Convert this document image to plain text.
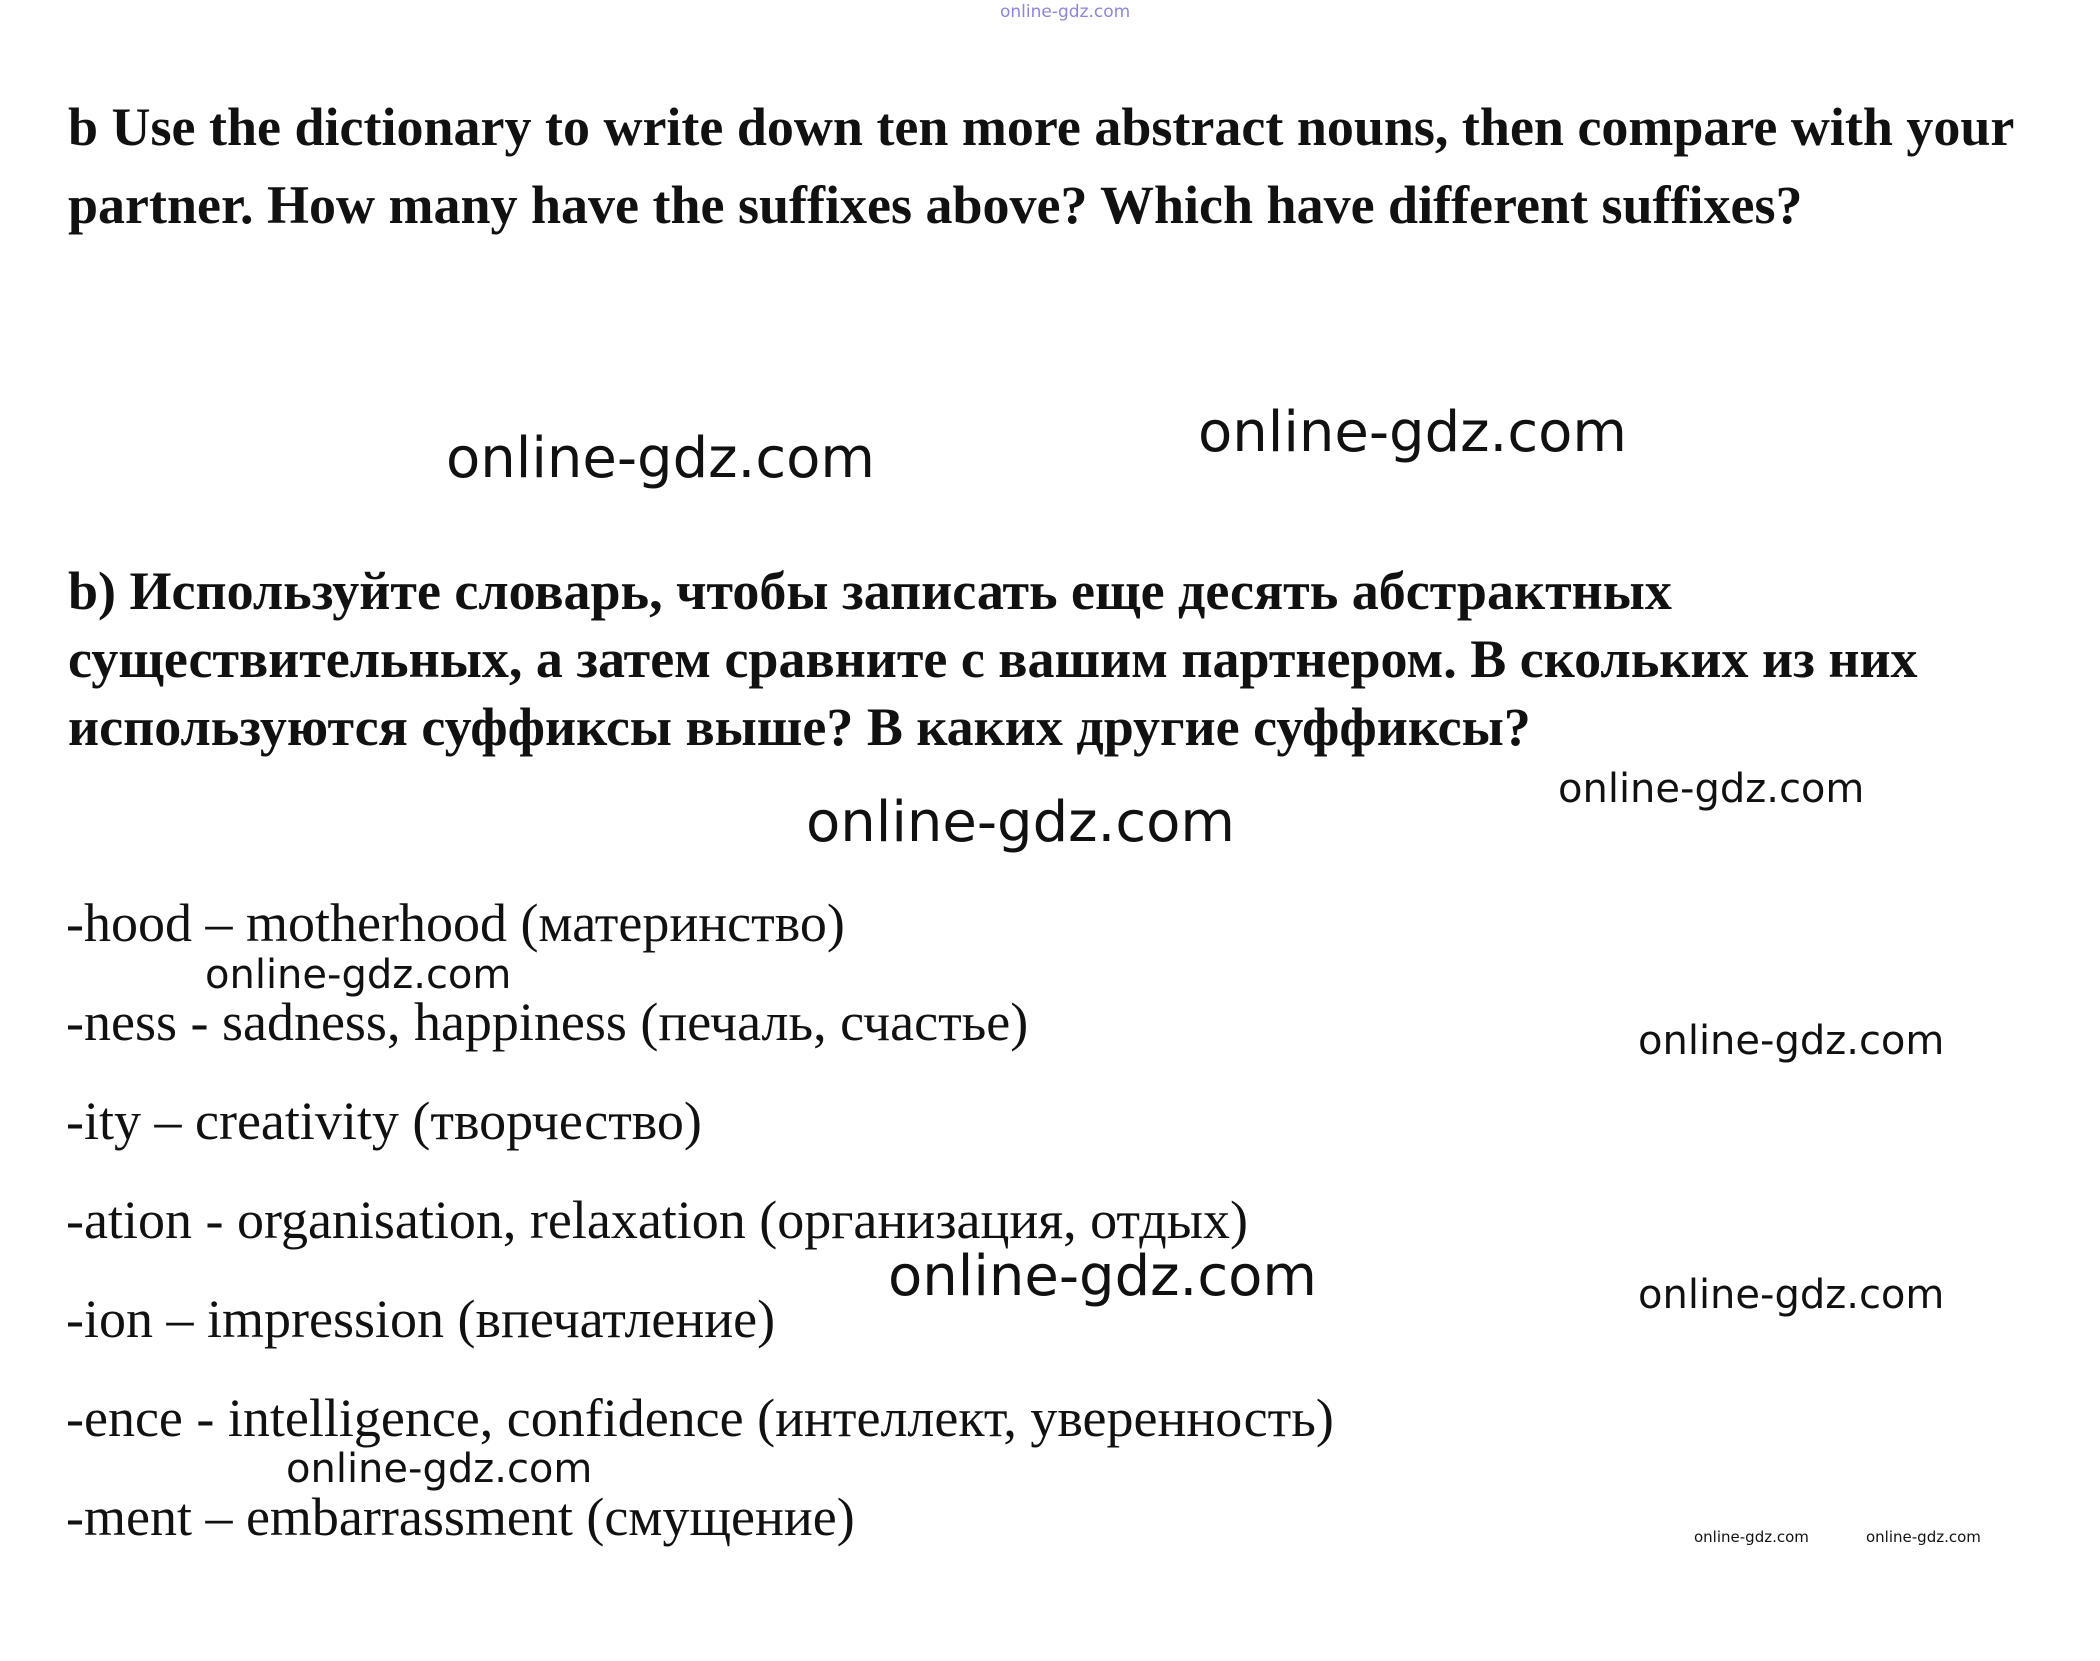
online-gdz.com

b Use the dictionary to write down ten more abstract nouns, then compare with your partner. How many have the suffixes above? Which have different suffixes?

online-gdz.com	online-gdz.com

b) Используйте словарь, чтобы записать еще десять абстрактных существительных, а затем сравните с вашим партнером. В скольких из них используются суффиксы выше? В каких другие суффиксы?

online-gdz.com
online-gdz.com
-hood – motherhood (материнство)
-ness - sadness, happiness (печаль, счастье)
-ity – creativity (творчество)
-ation - organisation, relaxation (организация, отдых)
-ion – impression (впечатление)
-ence - intelligence, confidence (интеллект, уверенность)
-ment – embarrassment (смущение)
online-gdz.com
online-gdz.com
online-gdz.com	online-gdz.com
online-gdz.com
online-gdz.com	online-gdz.com
